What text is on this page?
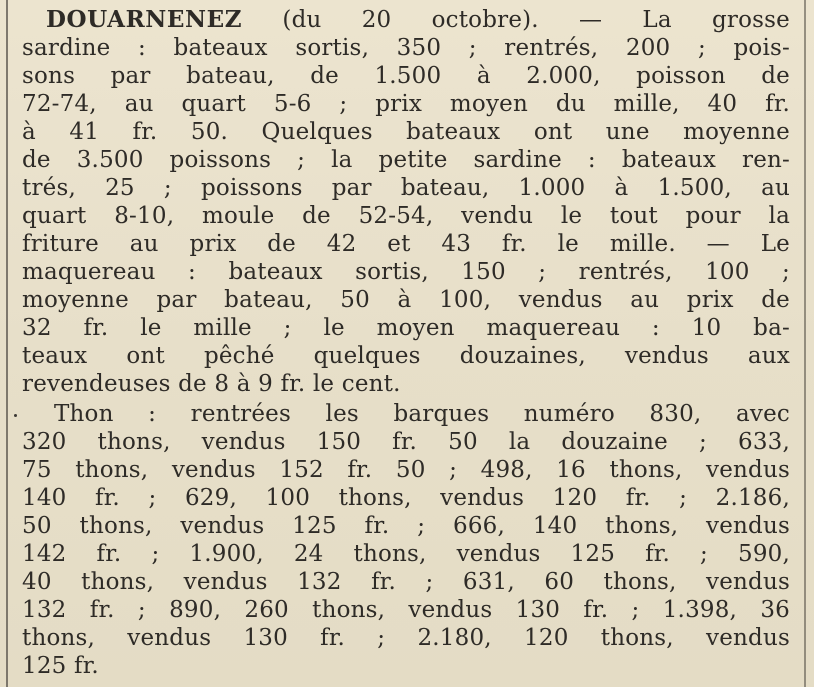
DOUARNENEZ (du 20 octobre). — La grosse
sardine : bateaux sortis, 350 ; rentrés, 200 ; pois-
sons par bateau, de 1.500 à 2.000, poisson de
72-74, au quart 5-6 ; prix moyen du mille, 40 fr.
à 41 fr. 50. Quelques bateaux ont une moyenne
de 3.500 poissons ; la petite sardine : bateaux ren-
trés, 25 ; poissons par bateau, 1.000 à 1.500, au
quart 8-10, moule de 52-54, vendu le tout pour la
friture au prix de 42 et 43 fr. le mille. — Le
maquereau : bateaux sortis, 150 ; rentrés, 100 ;
moyenne par bateau, 50 à 100, vendus au prix de
32 fr. le mille ; le moyen maquereau : 10 ba-
teaux ont pêché quelques douzaines, vendus aux
revendeuses de 8 à 9 fr. le cent.
Thon : rentrées les barques numéro 830, avec
320 thons, vendus 150 fr. 50 la douzaine ; 633,
75 thons, vendus 152 fr. 50 ; 498, 16 thons, vendus
140 fr. ; 629, 100 thons, vendus 120 fr. ; 2.186,
50 thons, vendus 125 fr. ; 666, 140 thons, vendus
142 fr. ; 1.900, 24 thons, vendus 125 fr. ; 590,
40 thons, vendus 132 fr. ; 631, 60 thons, vendus
132 fr. ; 890, 260 thons, vendus 130 fr. ; 1.398, 36
thons, vendus 130 fr. ; 2.180, 120 thons, vendus
125 fr.
